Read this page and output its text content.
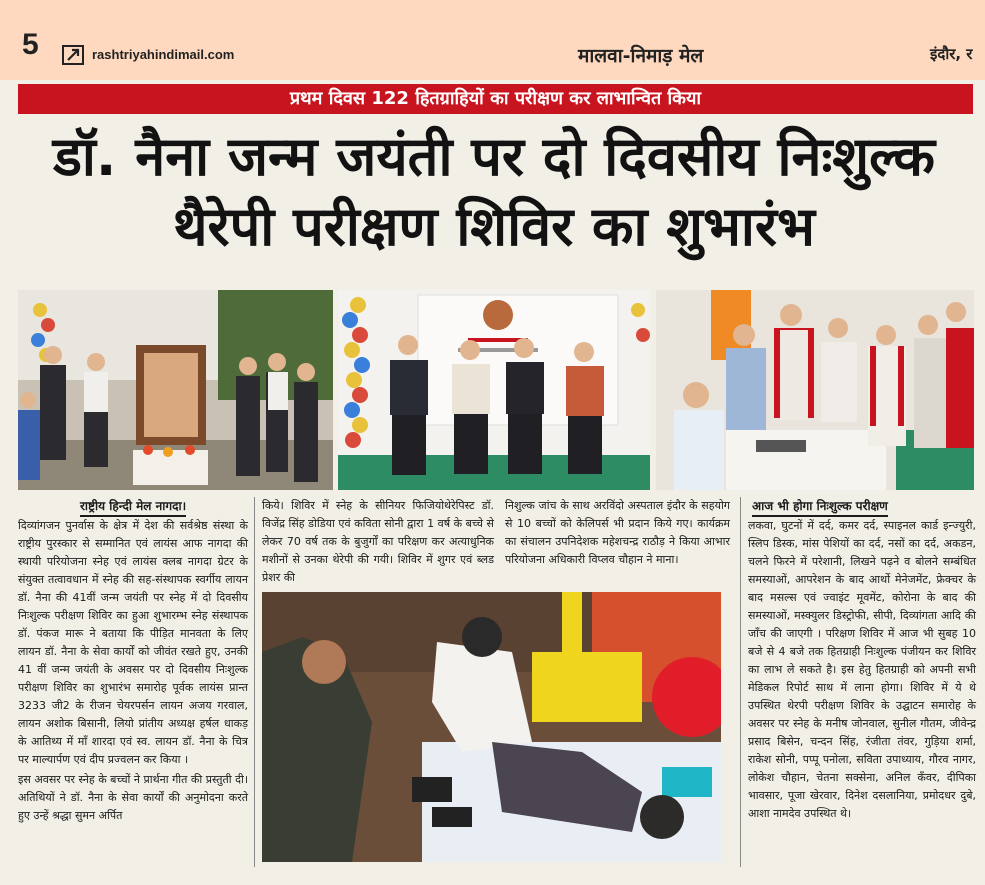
5	rashtriyahindimail.com	मालवा-निमाड़ मेल	इंदौर, र
प्रथम दिवस 122 हितग्राहियों का परीक्षण कर लाभान्वित किया
डॉ. नैना जन्म जयंती पर दो दिवसीय निःशुल्क
थैरेपी परीक्षण शिविर का शुभारंभ
राष्ट्रीय हिन्दी मेल नागदा।

दिव्यांगजन पुनर्वास के क्षेत्र में देश की सर्वश्रेष्ठ संस्था के राष्ट्रीय पुरस्कार से सम्मानित एवं लायंस आफ नागदा की स्थायी परियोजना स्नेह एवं लायंस क्लब नागदा ग्रेटर के संयुक्त तत्वावधान में स्नेह की सह-संस्थापक स्वर्गीय लायन डॉ. नैना की 41वीं जन्म जयंती पर स्नेह में दो दिवसीय निःशुल्क परीक्षण शिविर का हुआ शुभारम्भ स्नेह संस्थापक डॉ. पंकज मारू ने बताया कि पीड़ित मानवता के लिए लायन डॉ. नैना के सेवा कार्यों को जीवंत रखते हुए, उनकी 41 वीं जन्म जयंती के अवसर पर दो दिवसीय निःशुल्क परीक्षण शिविर का शुभारंभ समारोह पूर्वक लायंस प्रान्त 3233 जी2 के रीजन चेयरपर्सन लायन अजय गरवाल, लायन अशोक बिसानी, लियो प्रांतीय अध्यक्ष हर्षल धाकड़ के आतिथ्य में माँ शारदा एवं स्व. लायन डॉ. नैना के चित्र पर माल्यार्पण एवं दीप प्रज्वलन कर किया ।

इस अवसर पर स्नेह के बच्चों ने प्रार्थना गीत की प्रस्तुती दी। अतिथियों ने डॉ. नैना के सेवा कार्यों की अनुमोदना करते हुए उन्हें श्रद्धा सुमन अर्पित

किये। शिविर में स्नेह के सीनियर फिजियोथेरेपिस्ट डॉ. विजेंद्र सिंह डोडिया एवं कविता सोनी द्वारा 1 वर्ष के बच्चे से लेकर 70 वर्ष तक के बुजुर्गों का परिक्षण कर अत्याधुनिक मशीनों से उनका थेरेपी की गयी। शिविर में शुगर एवं ब्लड प्रेशर की

निशुल्क जांच के साथ अरविंदो अस्पताल इंदौर के सहयोग से 10 बच्चों को केलिपर्स भी प्रदान किये गए। कार्यक्रम का संचालन उपनिदेशक महेशचन्द्र राठौड़ ने किया आभार परियोजना अधिकारी विप्लव चौहान ने माना।

आज भी होगा निःशुल्क परीक्षण

लकवा, घुटनों में दर्द, कमर दर्द, स्पाइनल कार्ड इन्ज्युरी, स्लिप डिस्क, मांस पेशियों का दर्द, नसों का दर्द, अकडन, चलने फिरने में परेशानी, लिखने पढ़ने व बोलने सम्बंधित समस्याओं, आपरेशन के बाद आर्थो मेनेजमेंट, फ्रेक्चर के बाद मसल्स एवं ज्वाइंट मूवमेंट, कोरोना के बाद की समस्याओं, मस्क्युलर डिस्ट्रोफी, सीपी, दिव्यांगता आदि की जाँच की जाएगी । परिक्षण शिविर में आज भी सुबह 10 बजे से 4 बजे तक हितग्राही निःशुल्क पंजीयन कर शिविर का लाभ ले सकते है। इस हेतु हितग्राही को अपनी सभी मेडिकल रिपोर्ट साथ में लाना होगा। शिविर में ये थे उपस्थित थेरपी परीक्षण शिविर के उद्घाटन समारोह के अवसर पर स्नेह के मनीष जोनवाल, सुनील गौतम, जीवेन्द्र प्रसाद बिसेन, चन्दन सिंह, रंजीता तंवर, गुड़िया शर्मा, राकेश सोनी, पप्पू पनोला, सविता उपाध्याय, गौरव नागर, लोकेश चौहान, चेतना सक्सेना, अनिल कँवर, दीपिका भावसार, पूजा खेरवार, दिनेश दसलानिया, प्रमोदधर दुबे, आशा नामदेव उपस्थित थे।
